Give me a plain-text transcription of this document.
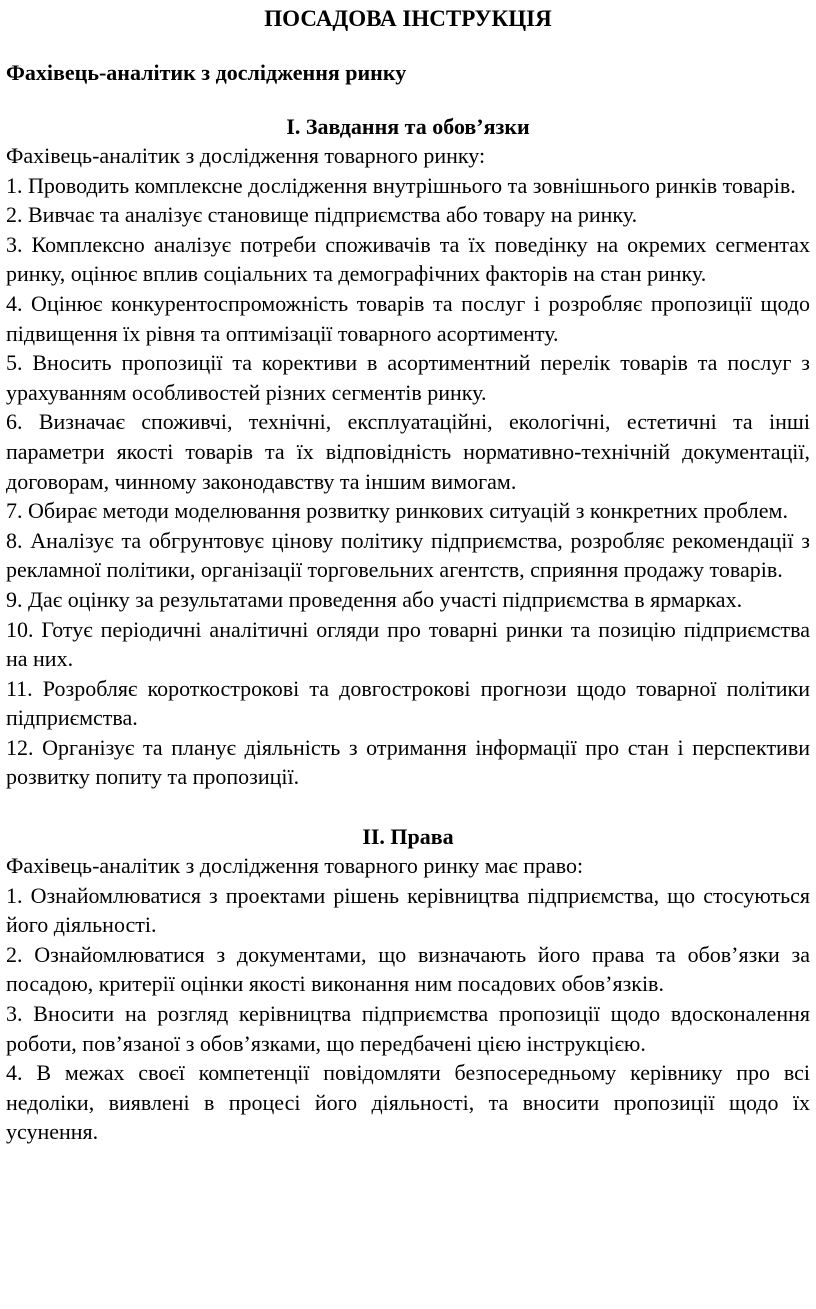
ПОСАДОВА ІНСТРУКЦІЯ
Фахівець-аналітик з дослідження ринку
І. Завдання та обов’язки

Фахівець-аналітик з дослідження товарного ринку:

1. Проводить комплексне дослідження внутрішнього та зовнішнього ринків товарів.

2. Вивчає та аналізує становище підприємства або товару на ринку.

3. Комплексно аналізує потреби споживачів та їх поведінку на окремих сегментах ринку, оцінює вплив соціальних та демографічних факторів на стан ринку.

4. Оцінює конкурентоспроможність товарів та послуг і розробляє пропозиції щодо підвищення їх рівня та оптимізації товарного асортименту.

5. Вносить пропозиції та корективи в асортиментний перелік товарів та послуг з урахуванням особливостей різних сегментів ринку.

6. Визначає споживчі, технічні, експлуатаційні, екологічні, естетичні та інші параметри якості товарів та їх відповідність нормативно-технічній документації, договорам, чинному законодавству та іншим вимогам.

7. Обирає методи моделювання розвитку ринкових ситуацій з конкретних проблем.

8. Аналізує та обгрунтовує цінову політику підприємства, розробляє рекомендації з рекламної політики, організації торговельних агентств, сприяння продажу товарів.

9. Дає оцінку за результатами проведення або участі підприємства в ярмарках.

10. Готує періодичні аналітичні огляди про товарні ринки та позицію підприємства на них.

11. Розробляє короткострокові та довгострокові прогнози щодо товарної політики підприємства.

12. Організує та планує діяльність з отримання інформації про стан і перспективи розвитку попиту та пропозиції.

ІІ. Права

Фахівець-аналітик з дослідження товарного ринку має право:

1. Ознайомлюватися з проектами рішень керівництва підприємства, що стосуються його діяльності.

2. Ознайомлюватися з документами, що визначають його права та обов’язки за посадою, критерії оцінки якості виконання ним посадових обов’язків.

3. Вносити на розгляд керівництва підприємства пропозиції щодо вдосконалення роботи, пов’язаної з обов’язками, що передбачені цією інструкцією.

4. В межах своєї компетенції повідомляти безпосередньому керівнику про всі недоліки, виявлені в процесі його діяльності, та вносити пропозиції щодо їх усунення.
